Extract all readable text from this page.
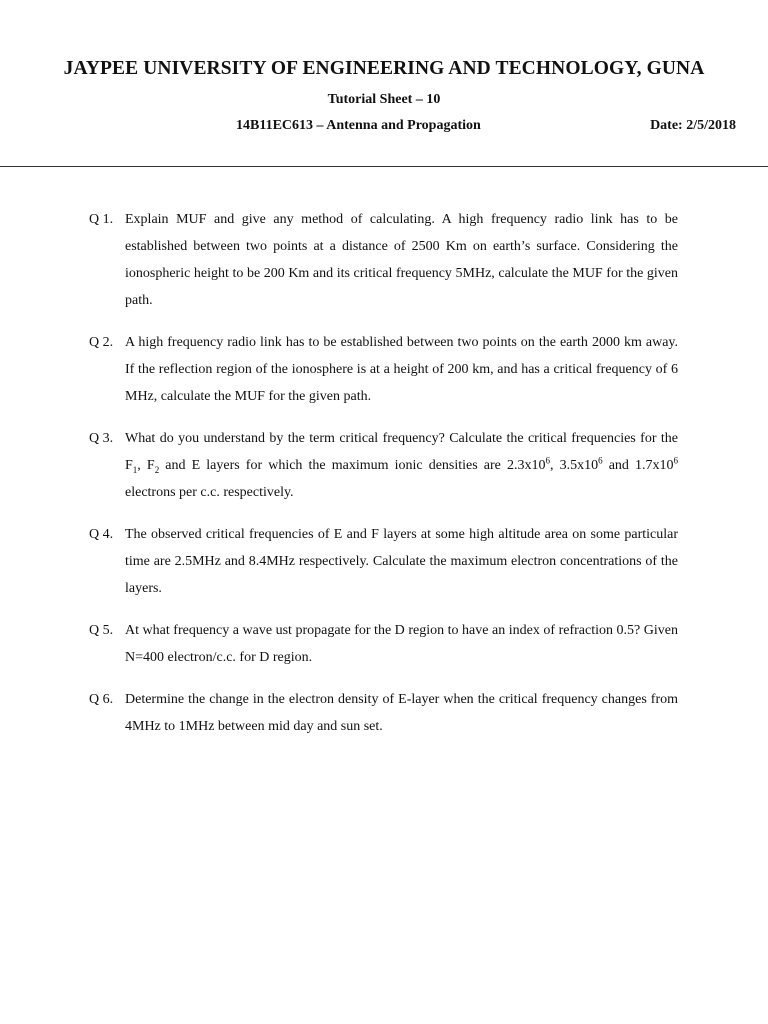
JAYPEE UNIVERSITY OF ENGINEERING AND TECHNOLOGY, GUNA
Tutorial Sheet – 10
14B11EC613 – Antenna and Propagation	Date: 2/5/2018
Q 1. Explain MUF and give any method of calculating. A high frequency radio link has to be established between two points at a distance of 2500 Km on earth’s surface. Considering the ionospheric height to be 200 Km and its critical frequency 5MHz, calculate the MUF for the given path.
Q 2. A high frequency radio link has to be established between two points on the earth 2000 km away. If the reflection region of the ionosphere is at a height of 200 km, and has a critical frequency of 6 MHz, calculate the MUF for the given path.
Q 3. What do you understand by the term critical frequency? Calculate the critical frequencies for the $F_1$, $F_2$ and E layers for which the maximum ionic densities are $2.3x10^6$, $3.5x10^6$ and $1.7x10^6$ electrons per c.c. respectively.
Q 4. The observed critical frequencies of E and F layers at some high altitude area on some particular time are 2.5MHz and 8.4MHz respectively. Calculate the maximum electron concentrations of the layers.
Q 5. At what frequency a wave ust propagate for the D region to have an index of refraction 0.5? Given N=400 electron/c.c. for D region.
Q 6. Determine the change in the electron density of E-layer when the critical frequency changes from 4MHz to 1MHz between mid day and sun set.
